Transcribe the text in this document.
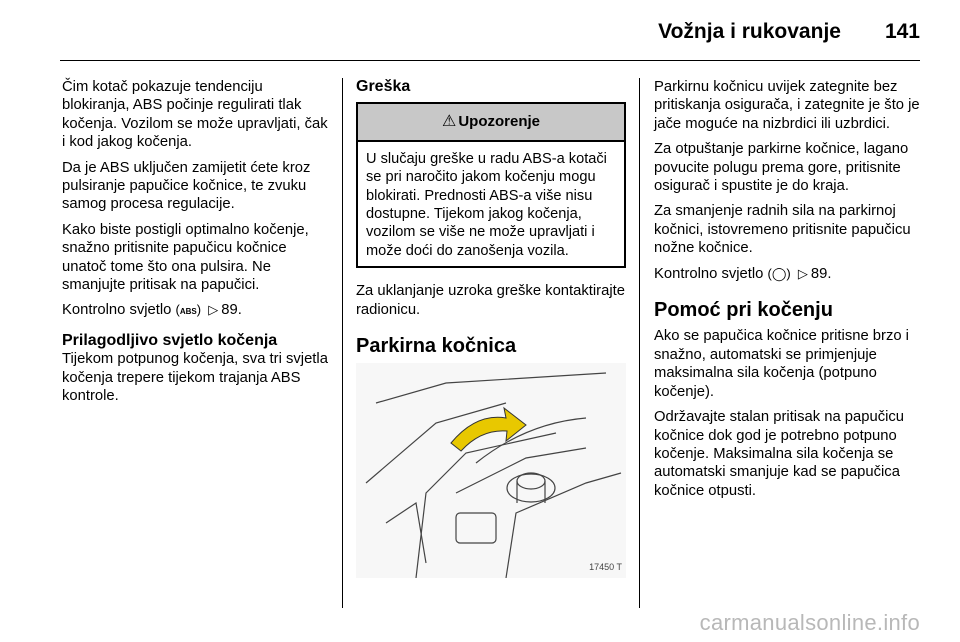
Vožnja i rukovanje 141

Čim kotač pokazuje tendenciju blokiranja, ABS počinje regulirati tlak kočenja. Vozilom se može upravljati, čak i kod jakog kočenja.

Da je ABS uključen zamijetit ćete kroz pulsiranje papučice kočnice, te zvuku samog procesa regulacije.

Kako biste postigli optimalno kočenje, snažno pritisnite papučicu kočnice unatoč tome što ona pulsira. Ne smanjujte pritisak na papučici.

Kontrolno svjetlo (ABS) ▷ 89.

Prilagodljivo svjetlo kočenja

Tijekom potpunog kočenja, sva tri svjetla kočenja trepere tijekom trajanja ABS kontrole.

Greška
⚠ Upozorenje
U slučaju greške u radu ABS-a kotači se pri naročito jakom kočenju mogu blokirati. Prednosti ABS-a više nisu dostupne. Tijekom jakog kočenja, vozilom se više ne može upravljati i može doći do zanošenja vozila.

Za uklanjanje uzroka greške kontaktirajte radionicu.

Parkirna kočnica
17450 T

Parkirnu kočnicu uvijek zategnite bez pritiskanja osigurača, i zategnite je što je jače moguće na nizbrdici ili uzbrdici.

Za otpuštanje parkirne kočnice, lagano povucite polugu prema gore, pritisnite osigurač i spustite je do kraja.

Za smanjenje radnih sila na parkirnoj kočnici, istovremeno pritisnite papučicu nožne kočnice.

Kontrolno svjetlo (◯) ▷ 89.

Pomoć pri kočenju

Ako se papučica kočnice pritisne brzo i snažno, automatski se primjenjuje maksimalna sila kočenja (potpuno kočenje).

Održavajte stalan pritisak na papučicu kočnice dok god je potrebno potpuno kočenje. Maksimalna sila kočenja se automatski smanjuje kad se papučica kočnice otpusti.

carmanualsonline.info
